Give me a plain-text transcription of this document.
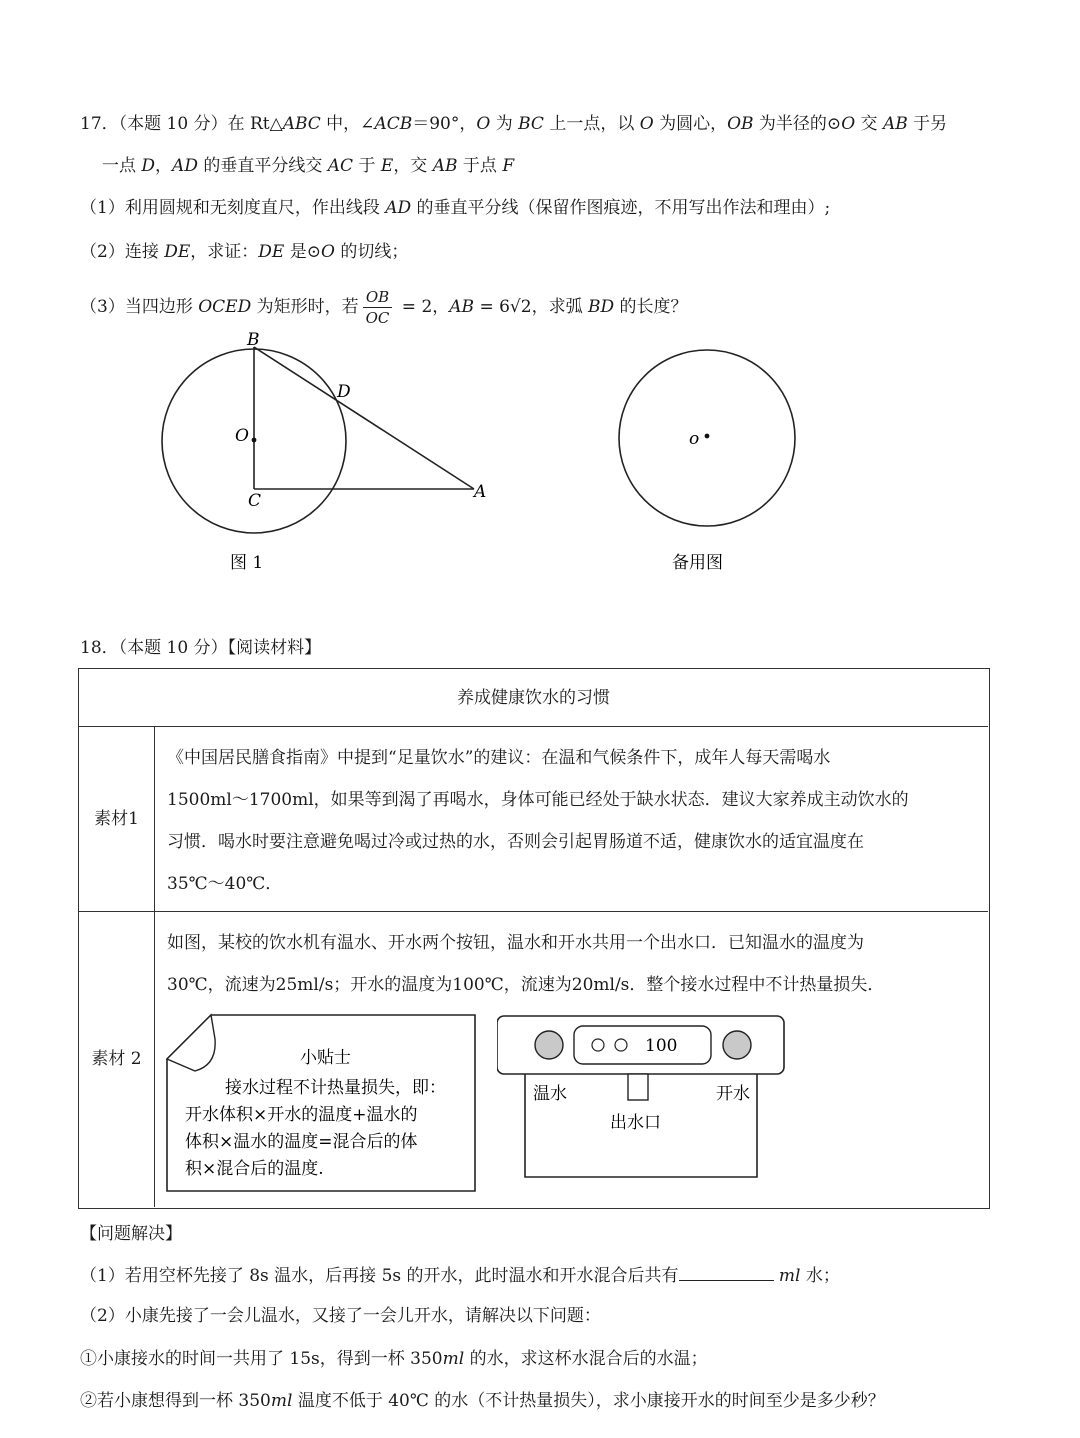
17．（本题 10 分）在 Rt△ABC 中，∠ACB＝90°，O 为 BC 上一点，以 O 为圆心，OB 为半径的⊙O 交 AB 于另
一点 D，AD 的垂直平分线交 AC 于 E，交 AB 于点 F
（1）利用圆规和无刻度直尺，作出线段 AD 的垂直平分线（保留作图痕迹，不用写出作法和理由）;
（2）连接 DE，求证：DE 是⊙O 的切线；
（3）当四边形 OCED 为矩形时，若 $\frac{OB}{OC} = 2$，AB = 6√2，求弧 BD 的长度？
B
D
O
C	A
图 1
o
备用图
18．（本题 10 分）【阅读材料】
养成健康饮水的习惯
素材1
《中国居民膳食指南》中提到“足量饮水”的建议：在温和气候条件下，成年人每天需喝水
1500ml～1700ml，如果等到渴了再喝水，身体可能已经处于缺水状态．建议大家养成主动饮水的
习惯．喝水时要注意避免喝过冷或过热的水，否则会引起胃肠道不适，健康饮水的适宜温度在
35℃～40℃．
素材 2
如图，某校的饮水机有温水、开水两个按钮，温水和开水共用一个出水口．已知温水的温度为
30℃，流速为25ml/s；开水的温度为100℃，流速为20ml/s．整个接水过程中不计热量损失．
小贴士
接水过程不计热量损失，即：
开水体积×开水的温度+温水的
体积×温水的温度=混合后的体
积×混合后的温度.
100
温水	开水
出水口
【问题解决】
（1）若用空杯先接了 8s 温水，后再接 5s 的开水，此时温水和开水混合后共有	ml 水；
（2）小康先接了一会儿温水，又接了一会儿开水，请解决以下问题：
①小康接水的时间一共用了 15s，得到一杯 350ml 的水，求这杯水混合后的水温；
②若小康想得到一杯 350ml 温度不低于 40℃ 的水（不计热量损失），求小康接开水的时间至少是多少秒？
